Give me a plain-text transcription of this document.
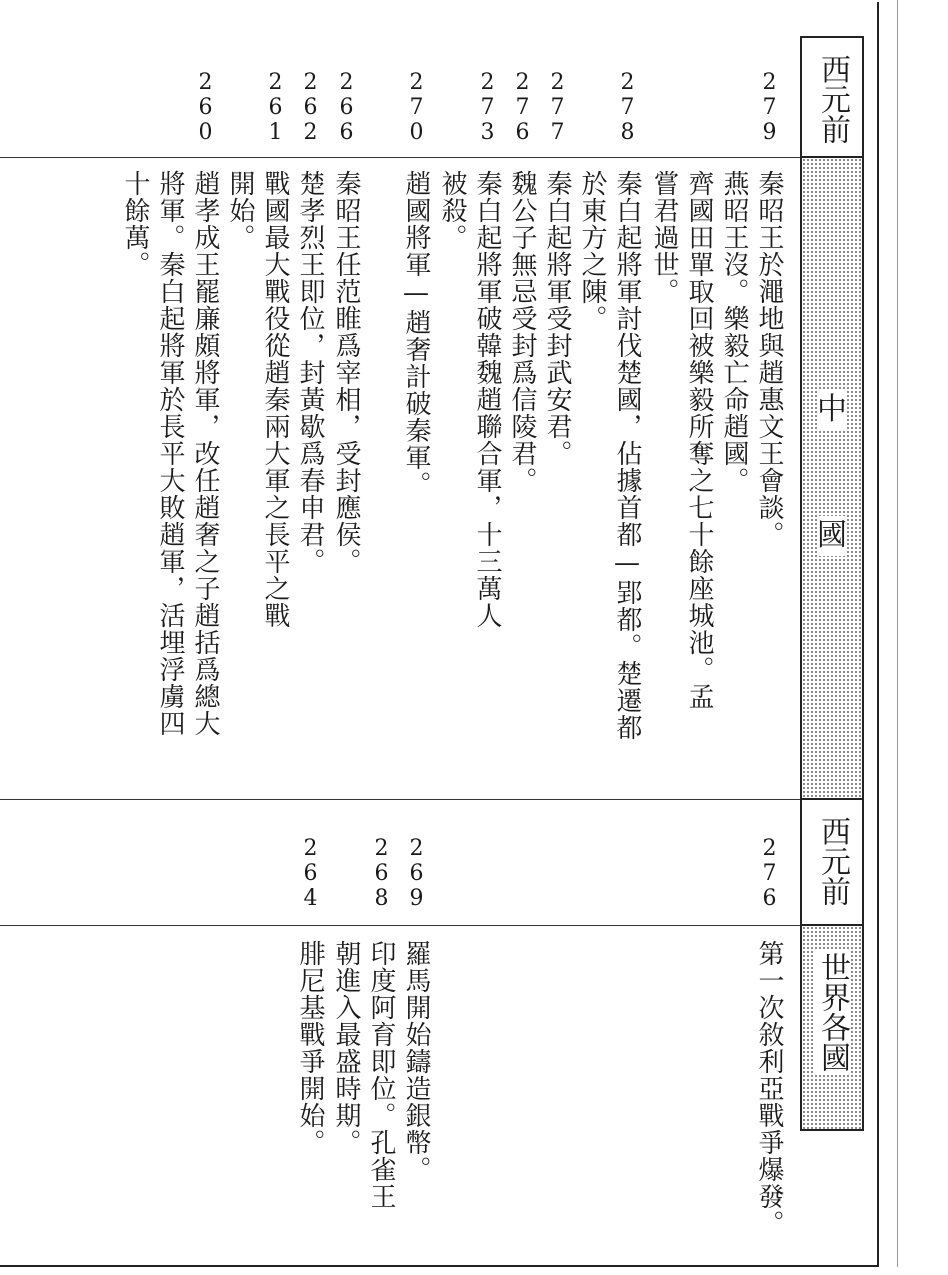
西元前
中
國
西元前
世界各國
279
278
277
276
273
270
266
262
261
260
秦昭王於澠地與趙惠文王會談。
燕昭王沒。樂毅亡命趙國。
齊國田單取回被樂毅所奪之七十餘座城池。孟
嘗君過世。
秦白起將軍討伐楚國，佔據首都—郢都。楚遷都
於東方之陳。
秦白起將軍受封武安君。
魏公子無忌受封爲信陵君。
秦白起將軍破韓魏趙聯合軍，十三萬人
被殺。
趙國將軍—趙奢計破秦軍。
秦昭王任范睢爲宰相，受封應侯。
楚孝烈王即位，封黃歇爲春申君。
戰國最大戰役從趙秦兩大軍之長平之戰
開始。
趙孝成王罷廉頗將軍，改任趙奢之子趙括爲總大
將軍。秦白起將軍於長平大敗趙軍，活埋浮虜四
十餘萬。
276
269
268
264
第一次敘利亞戰爭爆發。
羅馬開始鑄造銀幣。
印度阿育即位。孔雀王
朝進入最盛時期。
腓尼基戰爭開始。
